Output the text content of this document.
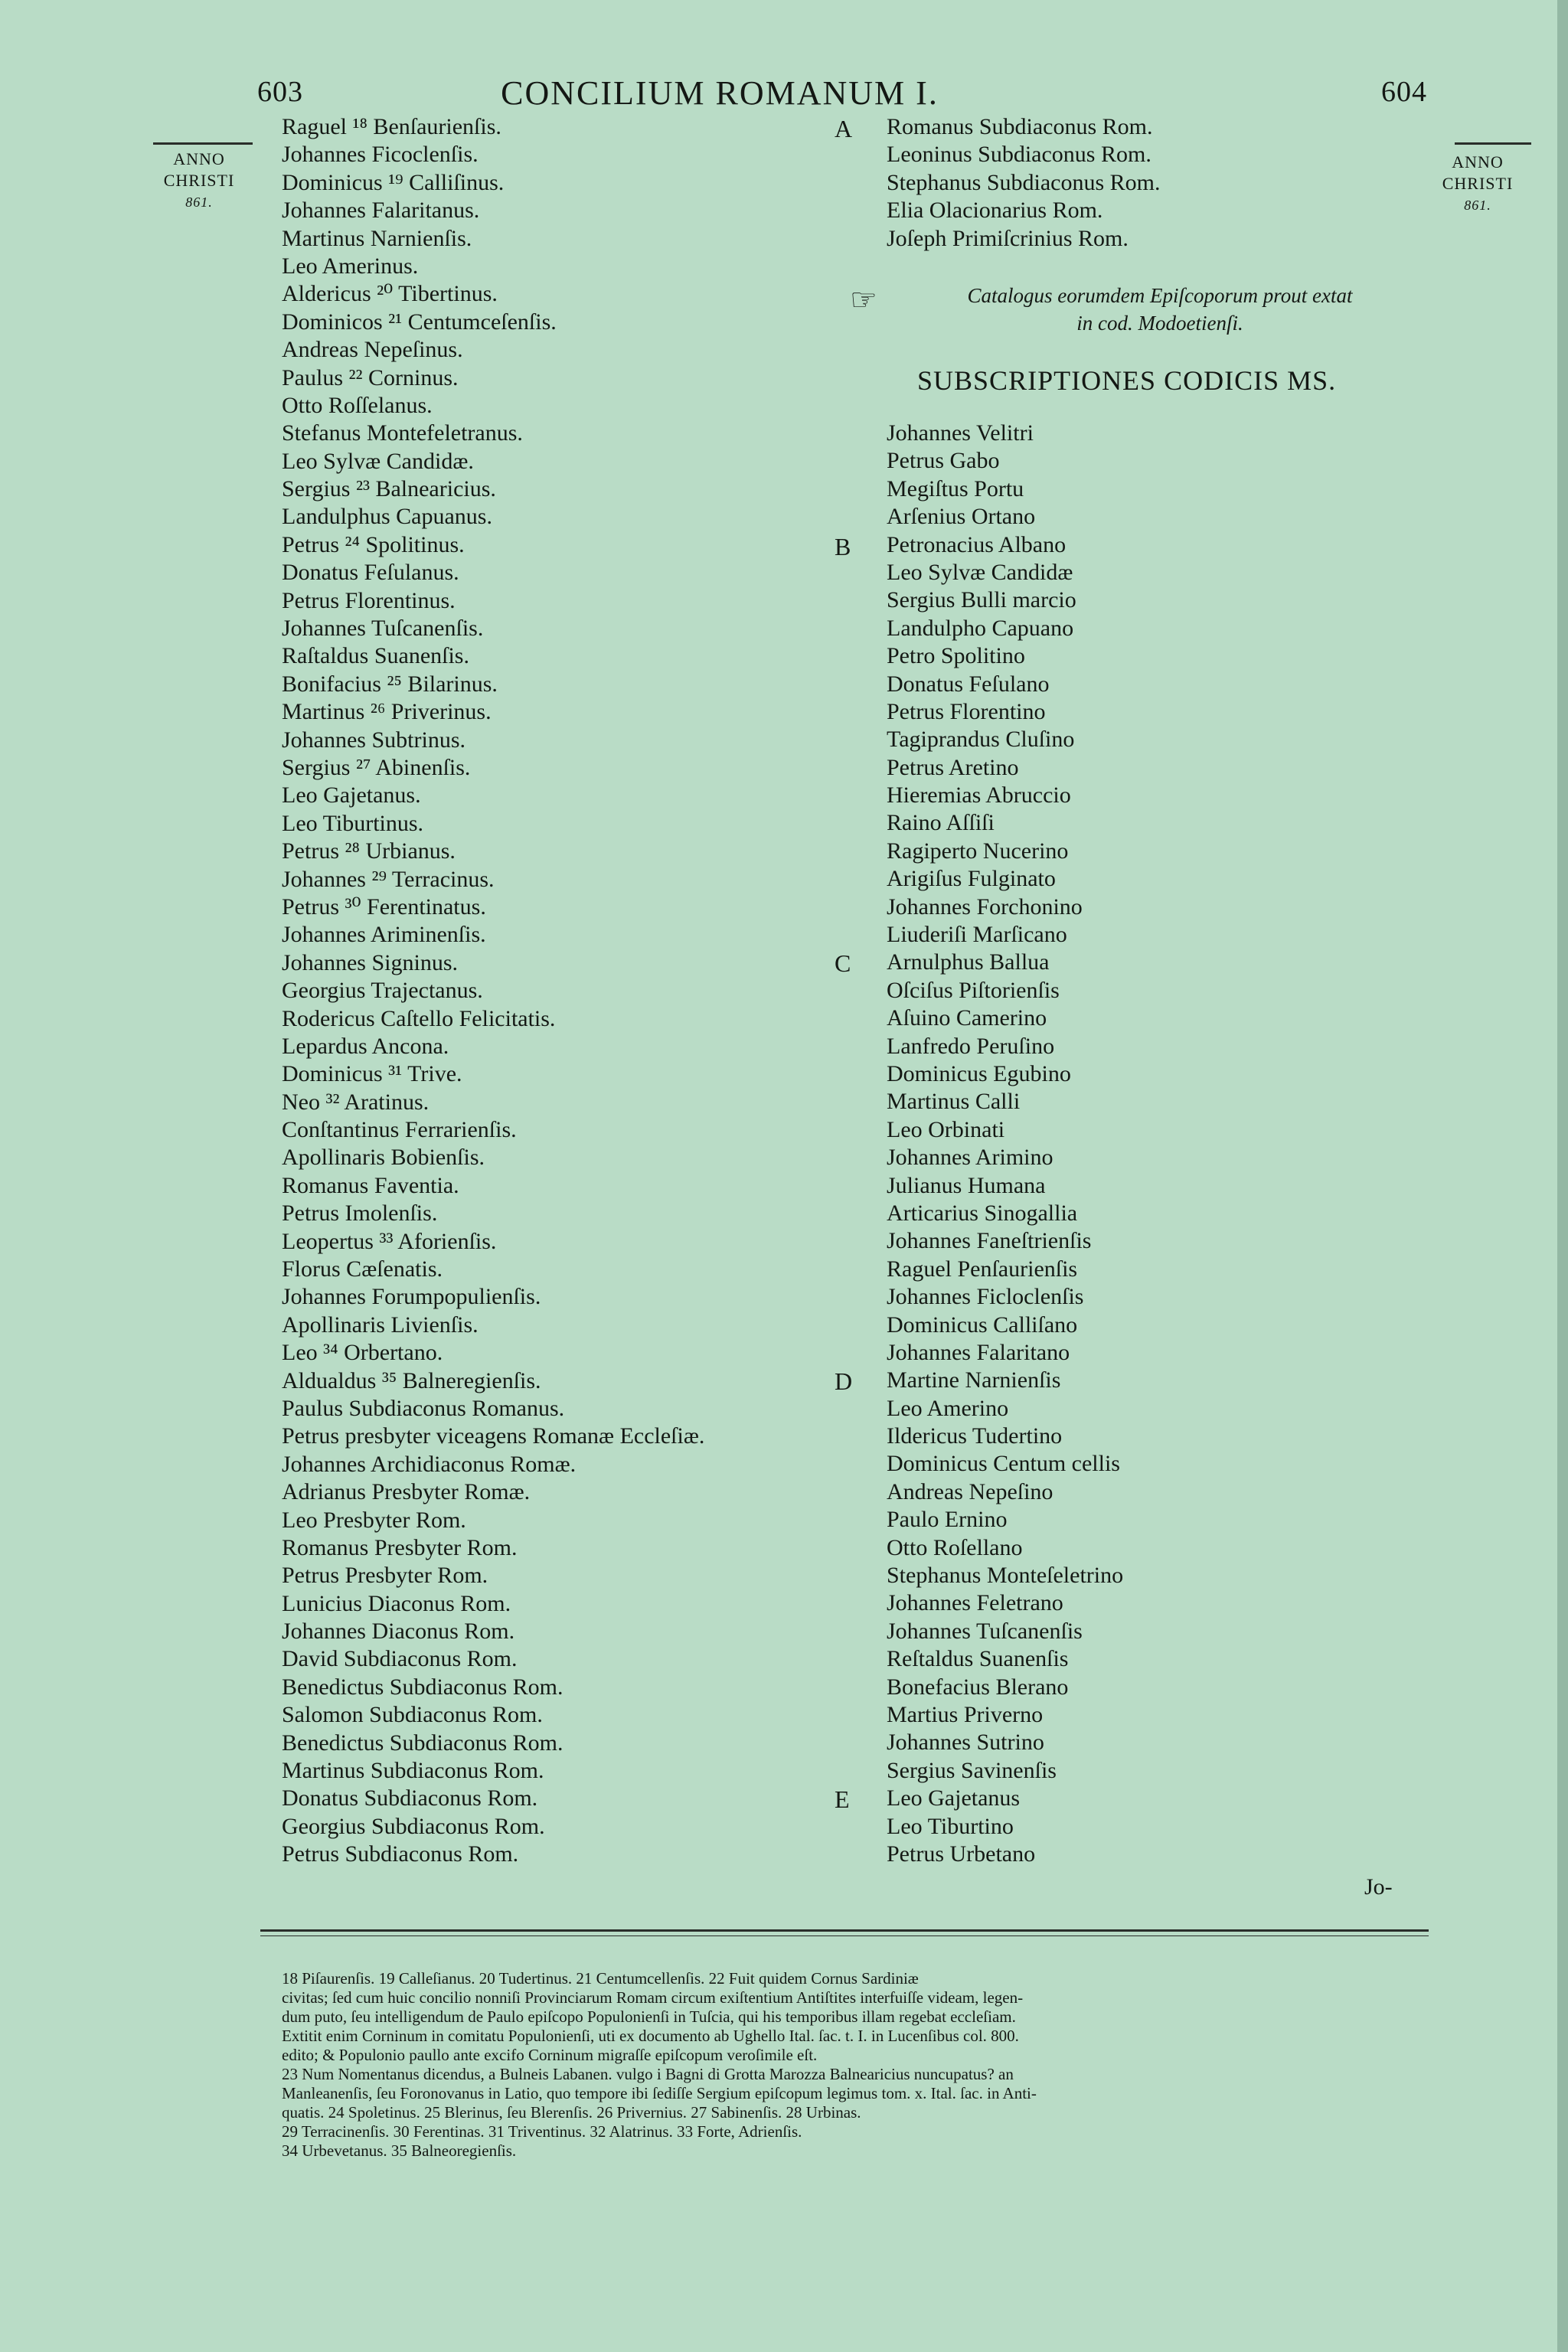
603	CONCILIUM ROMANUM I.	604
ANNO
CHRISTI
861.
ANNO
CHRISTI
861.
A
B
C
D
E
Raguel ¹⁸ Benſaurienſis.
Johannes Ficoclenſis.
Dominicus ¹⁹ Calliſinus.
Johannes Falaritanus.
Martinus Narnienſis.
Leo Amerinus.
Aldericus ²⁰ Tibertinus.
Dominicos ²¹ Centumceſenſis.
Andreas Nepeſinus.
Paulus ²² Corninus.
Otto Roſſelanus.
Stefanus Montefeletranus.
Leo Sylvæ Candidæ.
Sergius ²³ Balnearicius.
Landulphus Capuanus.
Petrus ²⁴ Spolitinus.
Donatus Feſulanus.
Petrus Florentinus.
Johannes Tuſcanenſis.
Raſtaldus Suanenſis.
Bonifacius ²⁵ Bilarinus.
Martinus ²⁶ Priverinus.
Johannes Subtrinus.
Sergius ²⁷ Abinenſis.
Leo Gajetanus.
Leo Tiburtinus.
Petrus ²⁸ Urbianus.
Johannes ²⁹ Terracinus.
Petrus ³⁰ Ferentinatus.
Johannes Ariminenſis.
Johannes Signinus.
Georgius Trajectanus.
Rodericus Caſtello Felicitatis.
Lepardus Ancona.
Dominicus ³¹ Trive.
Neo ³² Aratinus.
Conſtantinus Ferrarienſis.
Apollinaris Bobienſis.
Romanus Faventia.
Petrus Imolenſis.
Leopertus ³³ Aforienſis.
Florus Cæſenatis.
Johannes Forumpopulienſis.
Apollinaris Livienſis.
Leo ³⁴ Orbertano.
Aldualdus ³⁵ Balneregienſis.
Paulus Subdiaconus Romanus.
Petrus presbyter viceagens Romanæ Eccleſiæ.
Johannes Archidiaconus Romæ.
Adrianus Presbyter Romæ.
Leo Presbyter Rom.
Romanus Presbyter Rom.
Petrus Presbyter Rom.
Lunicius Diaconus Rom.
Johannes Diaconus Rom.
David Subdiaconus Rom.
Benedictus Subdiaconus Rom.
Salomon Subdiaconus Rom.
Benedictus Subdiaconus Rom.
Martinus Subdiaconus Rom.
Donatus Subdiaconus Rom.
Georgius Subdiaconus Rom.
Petrus Subdiaconus Rom.
Romanus Subdiaconus Rom.
Leoninus Subdiaconus Rom.
Stephanus Subdiaconus Rom.
Elia Olacionarius Rom.
Joſeph Primiſcrinius Rom.
☞	Catalogus eorumdem Epiſcoporum prout extat
in cod. Modoetienſi.
SUBSCRIPTIONES CODICIS MS.
Johannes Velitri
Petrus Gabo
Megiſtus Portu
Arſenius Ortano
Petronacius Albano
Leo Sylvæ Candidæ
Sergius Bulli marcio
Landulpho Capuano
Petro Spolitino
Donatus Feſulano
Petrus Florentino
Tagiprandus Cluſino
Petrus Aretino
Hieremias Abruccio
Raino Aſſiſi
Ragiperto Nucerino
Arigiſus Fulginato
Johannes Forchonino
Liuderiſi Marſicano
Arnulphus Ballua
Oſciſus Piſtorienſis
Aſuino Camerino
Lanfredo Peruſino
Dominicus Egubino
Martinus Calli
Leo Orbinati
Johannes Arimino
Julianus Humana
Articarius Sinogallia
Johannes Faneſtrienſis
Raguel Penſaurienſis
Johannes Ficloclenſis
Dominicus Calliſano
Johannes Falaritano
Martine Narnienſis
Leo Amerino
Ildericus Tudertino
Dominicus Centum cellis
Andreas Nepeſino
Paulo Ernino
Otto Roſellano
Stephanus Monteſeletrino
Johannes Feletrano
Johannes Tuſcanenſis
Reſtaldus Suanenſis
Bonefacius Blerano
Martius Priverno
Johannes Sutrino
Sergius Savinenſis
Leo Gajetanus
Leo Tiburtino
Petrus Urbetano
Jo-
18 Piſaurenſis. 19 Calleſianus. 20 Tudertinus. 21 Centumcellenſis. 22 Fuit quidem Cornus Sardiniæ
civitas; ſed cum huic concilio nonniſi Provinciarum Romam circum exiſtentium Antiſtites interfuiſſe videam, legen-
dum puto, ſeu intelligendum de Paulo epiſcopo Populonienſi in Tuſcia, qui his temporibus illam regebat eccleſiam.
Extitit enim Corninum in comitatu Populonienſi, uti ex documento ab Ughello Ital. ſac. t. I. in Lucenſibus col. 800.
edito; & Populonio paullo ante excifo Corninum migraſſe epiſcopum veroſimile eſt.
23 Num Nomentanus dicendus, a Bulneis Labanen. vulgo i Bagni di Grotta Marozza Balnearicius nuncupatus? an
Manleanenſis, ſeu Foronovanus in Latio, quo tempore ibi ſediſſe Sergium epiſcopum legimus tom. x. Ital. ſac. in Anti-
quatis. 24 Spoletinus. 25 Blerinus, ſeu Blerenſis. 26 Privernius. 27 Sabinenſis. 28 Urbinas.
29 Terracinenſis. 30 Ferentinas. 31 Triventinus. 32 Alatrinus. 33 Forte, Adrienſis.
34 Urbevetanus. 35 Balneoregienſis.
